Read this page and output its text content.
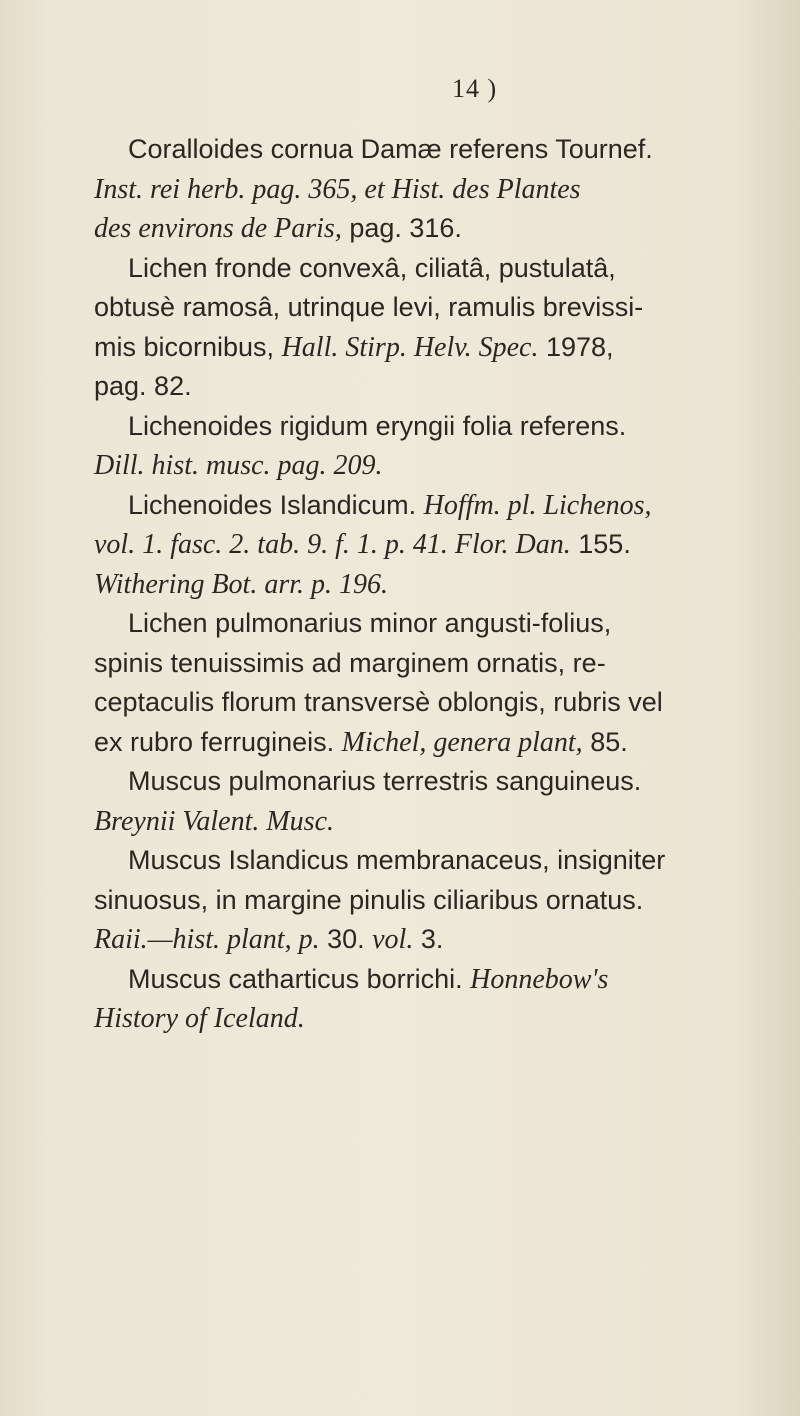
14 )
Coralloides cornua Damæ referens Tournef.
Inst. rei herb. pag. 365, et Hist. des Plantes
des environs de Paris, pag. 316.
Lichen fronde convexâ, ciliatâ, pustulatâ,
obtusè ramosâ, utrinque levi, ramulis brevissi-
mis bicornibus, Hall. Stirp. Helv. Spec. 1978,
pag. 82.
Lichenoides rigidum eryngii folia referens.
Dill. hist. musc. pag. 209.
Lichenoides Islandicum. Hoffm. pl. Lichenos,
vol. 1. fasc. 2. tab. 9. f. 1. p. 41. Flor. Dan. 155.
Withering Bot. arr. p. 196.
Lichen pulmonarius minor angusti-folius,
spinis tenuissimis ad marginem ornatis, re-
ceptaculis florum transversè oblongis, rubris vel
ex rubro ferrugineis. Michel, genera plant, 85.
Muscus pulmonarius terrestris sanguineus.
Breynii Valent. Musc.
Muscus Islandicus membranaceus, insigniter
sinuosus, in margine pinulis ciliaribus ornatus.
Raii.—hist. plant, p. 30. vol. 3.
Muscus catharticus borrichi. Honnebow's
History of Iceland.
